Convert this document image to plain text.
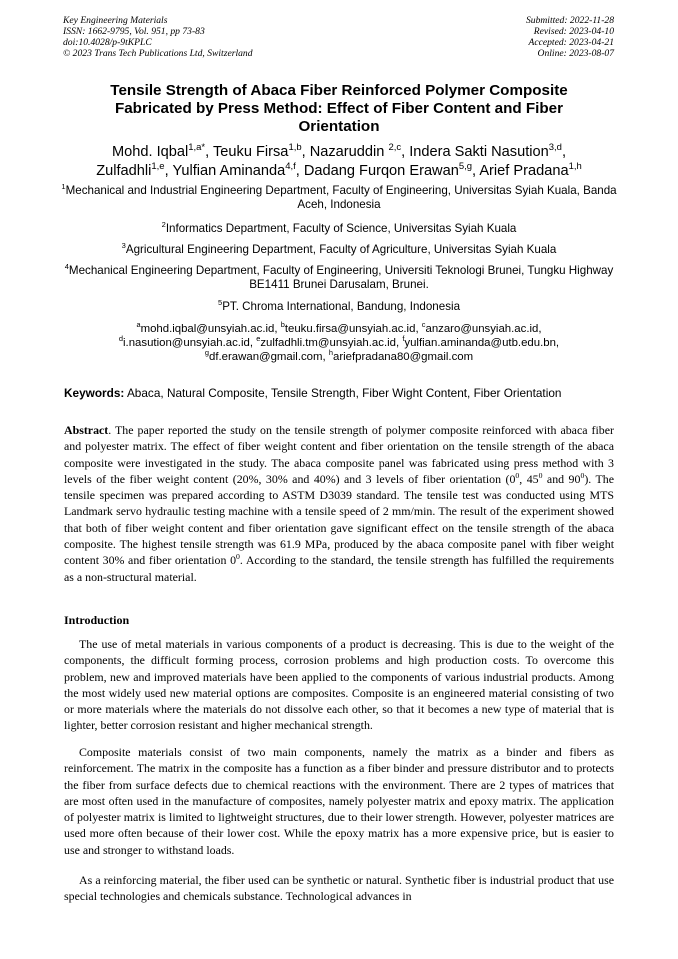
Key Engineering Materials
ISSN: 1662-9795, Vol. 951, pp 73-83
doi:10.4028/p-9tKPLC
© 2023 Trans Tech Publications Ltd, Switzerland
Submitted: 2022-11-28
Revised: 2023-04-10
Accepted: 2023-04-21
Online: 2023-08-07
Tensile Strength of Abaca Fiber Reinforced Polymer Composite
Fabricated by Press Method: Effect of Fiber Content and Fiber
Orientation
Mohd. Iqbal$^{1,a*}$, Teuku Firsa$^{1,b}$, Nazaruddin $^{2,c}$, Indera Sakti Nasution$^{3,d}$,
Zulfadhli$^{1,e}$, Yulfian Aminanda$^{4,f}$, Dadang Furqon Erawan$^{5,g}$, Arief Pradana$^{1,h}$
$^1$Mechanical and Industrial Engineering Department, Faculty of Engineering, Universitas Syiah Kuala, Banda Aceh, Indonesia
$^2$Informatics Department, Faculty of Science, Universitas Syiah Kuala
$^3$Agricultural Engineering Department, Faculty of Agriculture, Universitas Syiah Kuala
$^4$Mechanical Engineering Department, Faculty of Engineering, Universiti Teknologi Brunei, Tungku Highway BE1411 Brunei Darusalam, Brunei.
$^5$PT. Chroma International, Bandung, Indonesia
$^a$mohd.iqbal@unsyiah.ac.id, $^b$teuku.firsa@unsyiah.ac.id, $^c$anzaro@unsyiah.ac.id,
$^d$i.nasution@unsyiah.ac.id, $^e$zulfadhli.tm@unsyiah.ac.id, $^f$yulfian.aminanda@utb.edu.bn,
$^g$df.erawan@gmail.com, $^h$ariefpradana80@gmail.com
Keywords: Abaca, Natural Composite, Tensile Strength, Fiber Wight Content, Fiber Orientation
Abstract. The paper reported the study on the tensile strength of polymer composite reinforced with abaca fiber and polyester matrix. The effect of fiber weight content and fiber orientation on the tensile strength of the abaca composite were investigated in the study. The abaca composite panel was fabricated using press method with 3 levels of the fiber weight content (20%, 30% and 40%) and 3 levels of fiber orientation ($0^0$, $45^0$ and $90^0$). The tensile specimen was prepared according to ASTM D3039 standard. The tensile test was conducted using MTS Landmark servo hydraulic testing machine with a tensile speed of 2 mm/min. The result of the experiment showed that both of fiber weight content and fiber orientation gave significant effect on the tensile strength of the abaca composite. The highest tensile strength was 61.9 MPa, produced by the abaca composite panel with fiber weight content 30% and fiber orientation $0^0$. According to the standard, the tensile strength has fulfilled the requirements as a non-structural material.
Introduction
The use of metal materials in various components of a product is decreasing. This is due to the weight of the components, the difficult forming process, corrosion problems and high production costs. To overcome this problem, new and improved materials have been applied to the components of various industrial products. Among the most widely used new material options are composites. Composite is an engineered material consisting of two or more materials where the materials do not dissolve each other, so that it becomes a new type of material that is lighter, better corrosion resistant and higher mechanical strength.
Composite materials consist of two main components, namely the matrix as a binder and fibers as reinforcement. The matrix in the composite has a function as a fiber binder and pressure distributor and to protects the fiber from surface defects due to chemical reactions with the environment. There are 2 types of matrices that are most often used in the manufacture of composites, namely polyester matrix and epoxy matrix. The application of polyester matrix is limited to lightweight structures, due to their lower strength. However, polyester matrices are used more often because of their lower cost. While the epoxy matrix has a more expensive price, but is easier to use and stronger to withstand loads.
As a reinforcing material, the fiber used can be synthetic or natural. Synthetic fiber is industrial product that use special technologies and chemicals substance. Technological advances in
